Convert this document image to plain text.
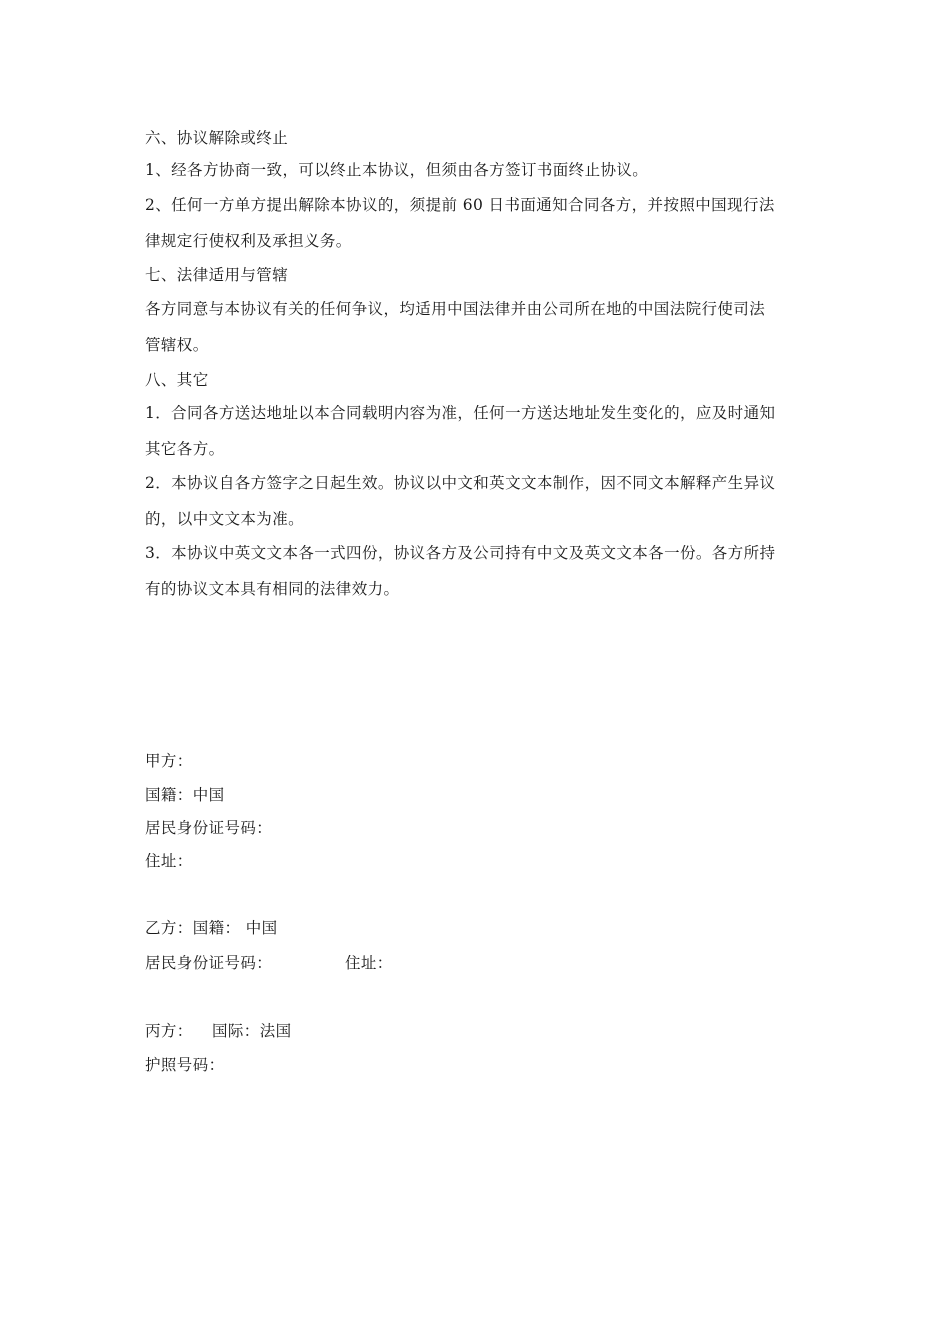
六、协议解除或终止
1、经各方协商一致，可以终止本协议，但须由各方签订书面终止协议。
2、任何一方单方提出解除本协议的，须提前 60 日书面通知合同各方，并按照中国现行法
律规定行使权利及承担义务。
七、法律适用与管辖
各方同意与本协议有关的任何争议，均适用中国法律并由公司所在地的中国法院行使司法
管辖权。
八、其它
1．合同各方送达地址以本合同载明内容为准，任何一方送达地址发生变化的，应及时通知
其它各方。
2．本协议自各方签字之日起生效。协议以中文和英文文本制作，因不同文本解释产生异议
的，以中文文本为准。
3．本协议中英文文本各一式四份，协议各方及公司持有中文及英文文本各一份。各方所持
有的协议文本具有相同的法律效力。
甲方：
国籍：中国
居民身份证号码：
住址：
乙方：国籍： 中国
居民身份证号码：	住址：
丙方： 国际：法国
护照号码：
